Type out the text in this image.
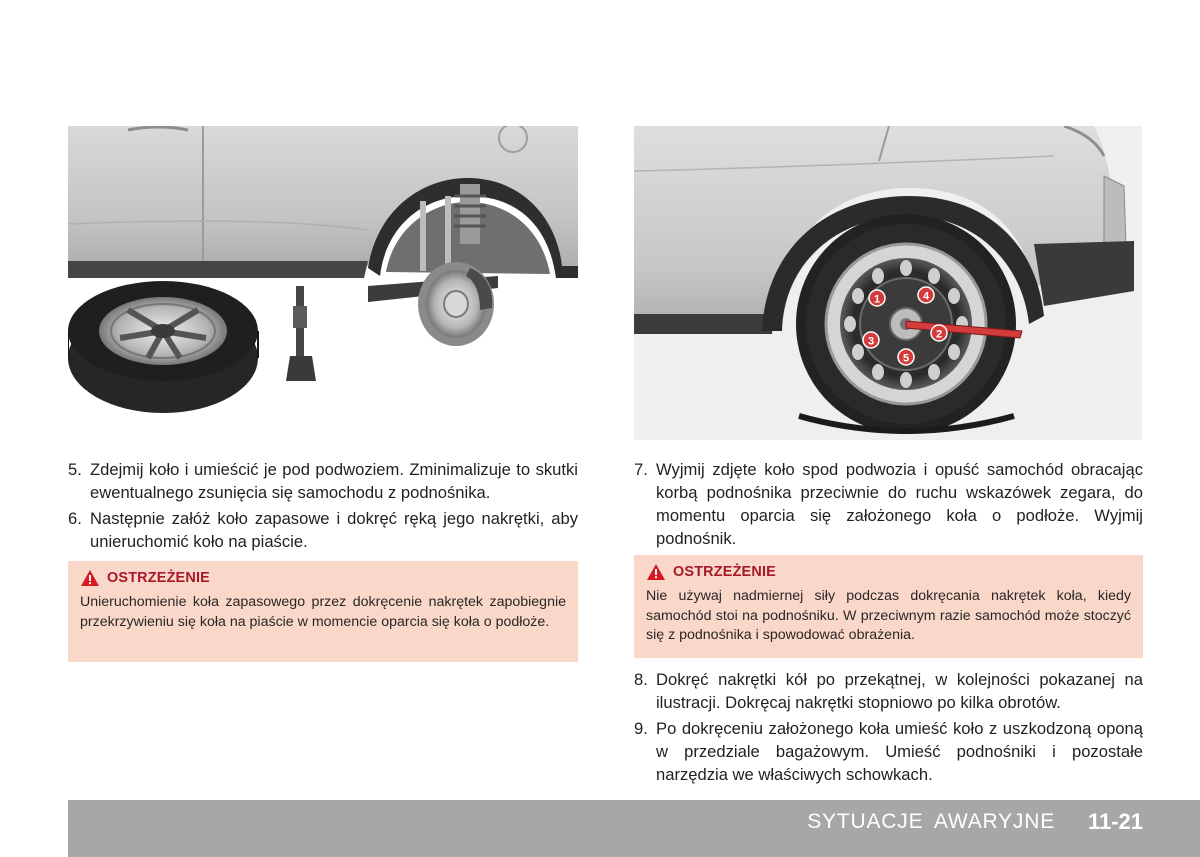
1
2
3
4
5
5. Zdejmij koło i umieścić je pod podwoziem. Zminimalizuje to skutki ewentualnego zsunięcia się samochodu z podnośnika.
6. Następnie załóż koło zapasowe i dokręć ręką jego nakrętki, aby unieruchomić koło na piaście.
OSTRZEŻENIE
Unieruchomienie koła zapasowego przez dokręcenie nakrętek zapobiegnie przekrzywieniu się koła na piaście w momencie oparcia się koła o podłoże.
7. Wyjmij zdjęte koło spod podwozia i opuść samochód obracając korbą podnośnika przeciwnie do ruchu wskazówek zegara, do momentu oparcia się założonego koła o podłoże. Wyjmij podnośnik.
OSTRZEŻENIE
Nie używaj nadmiernej siły podczas dokręcania nakrętek koła, kiedy samochód stoi na podnośniku. W przeciwnym razie samochód może stoczyć się z podnośnika i spowodować obrażenia.
8. Dokręć nakrętki kół po przekątnej, w kolejności pokazanej na ilustracji. Dokręcaj nakrętki stopniowo po kilka obrotów.
9. Po dokręceniu założonego koła umieść koło z uszkodzoną oponą w przedziale bagażowym. Umieść podnośniki i pozostałe narzędzia we właściwych schowkach.
SYTUACJE AWARYJNE 11-21
